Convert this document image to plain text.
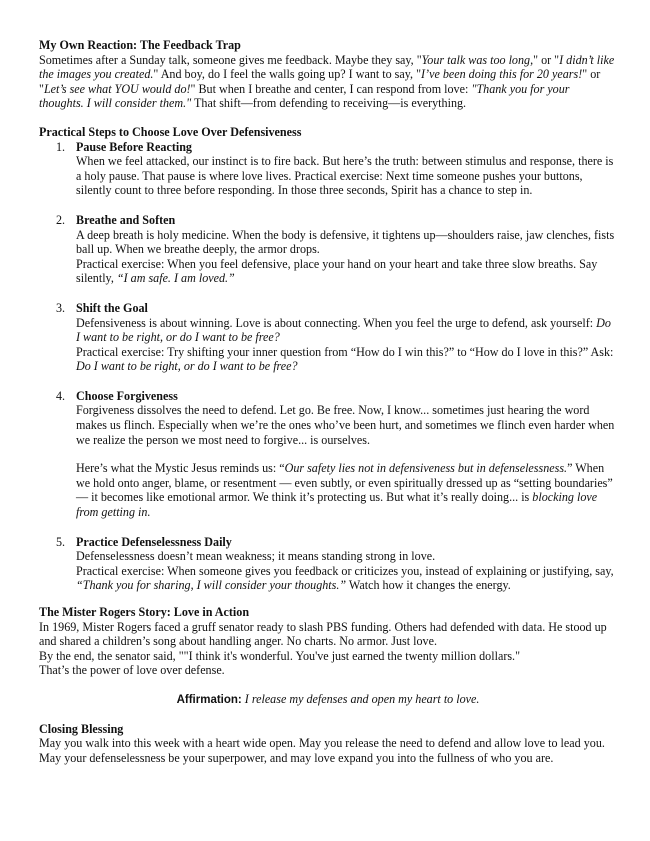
My Own Reaction: The Feedback Trap

Sometimes after a Sunday talk, someone gives me feedback. Maybe they say, "Your talk was too long," or "I didn’t like the images you created." And boy, do I feel the walls going up? I want to say, "I’ve been doing this for 20 years!" or "Let’s see what YOU would do!" But when I breathe and center, I can respond from love: "Thank you for your thoughts. I will consider them." That shift—from defending to receiving—is everything.

Practical Steps to Choose Love Over Defensiveness
1. Pause Before Reacting

When we feel attacked, our instinct is to fire back. But here’s the truth: between stimulus and response, there is a holy pause. That pause is where love lives. Practical exercise: Next time someone pushes your buttons, silently count to three before responding. In those three seconds, Spirit has a chance to step in.

2. Breathe and Soften

A deep breath is holy medicine. When the body is defensive, it tightens up—shoulders raise, jaw clenches, fists ball up. When we breathe deeply, the armor drops.

Practical exercise: When you feel defensive, place your hand on your heart and take three slow breaths. Say silently, “I am safe. I am loved.”

3. Shift the Goal

Defensiveness is about winning. Love is about connecting. When you feel the urge to defend, ask yourself: Do I want to be right, or do I want to be free?

Practical exercise: Try shifting your inner question from “How do I win this?” to “How do I love in this?” Ask: Do I want to be right, or do I want to be free?

4. Choose Forgiveness

Forgiveness dissolves the need to defend. Let go. Be free. Now, I know... sometimes just hearing the word makes us flinch. Especially when we’re the ones who’ve been hurt, and sometimes we flinch even harder when we realize the person we most need to forgive... is ourselves.

Here’s what the Mystic Jesus reminds us: “Our safety lies not in defensiveness but in defenselessness.” When we hold onto anger, blame, or resentment — even subtly, or even spiritually dressed up as “setting boundaries” — it becomes like emotional armor. We think it’s protecting us. But what it’s really doing... is blocking love from getting in.

5. Practice Defenselessness Daily

Defenselessness doesn’t mean weakness; it means standing strong in love.

Practical exercise: When someone gives you feedback or criticizes you, instead of explaining or justifying, say, “Thank you for sharing, I will consider your thoughts.” Watch how it changes the energy.

The Mister Rogers Story: Love in Action

In 1969, Mister Rogers faced a gruff senator ready to slash PBS funding. Others had defended with data. He stood up and shared a children’s song about handling anger. No charts. No armor. Just love.

By the end, the senator said, ""I think it's wonderful. You've just earned the twenty million dollars."

That’s the power of love over defense.

Affirmation: I release my defenses and open my heart to love.

Closing Blessing

May you walk into this week with a heart wide open. May you release the need to defend and allow love to lead you. May your defenselessness be your superpower, and may love expand you into the fullness of who you are.
